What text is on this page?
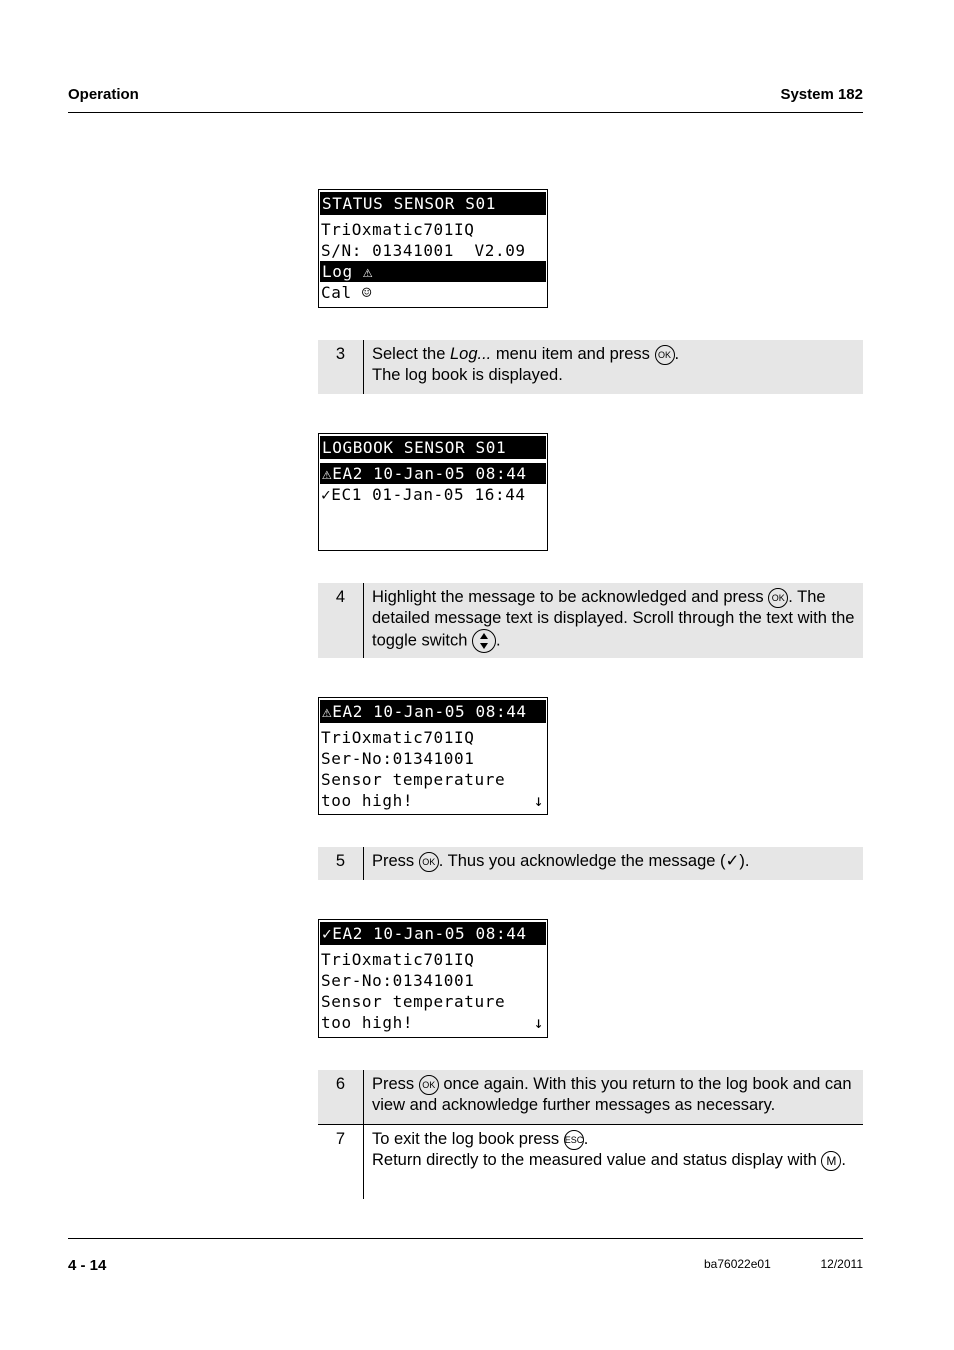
Operation	System 182
STATUS SENSOR S01
TriOxmatic701IQ
S/N: 01341001  V2.09
Log ⚠
Cal ☺
3	Select the Log... menu item and press OK .
The log book is displayed.
LOGBOOK SENSOR S01
⚠EA2 10-Jan-05 08:44
✓EC1 01-Jan-05 16:44
4	Highlight the message to be acknowledged and press OK . The detailed message text is displayed. Scroll through the text with the toggle switch .
⚠EA2 10-Jan-05 08:44
TriOxmatic701IQ
Ser-No:01341001
Sensor temperature
too high!	↓
5	Press OK . Thus you acknowledge the message (✓).
✓EA2 10-Jan-05 08:44
TriOxmatic701IQ
Ser-No:01341001
Sensor temperature
too high!	↓
6	Press OK once again. With this you return to the log book and can view and acknowledge further messages as necessary.
7	To exit the log book press ESC.
Return directly to the measured value and status display with M .
4 - 14	ba76022e01	12/2011
